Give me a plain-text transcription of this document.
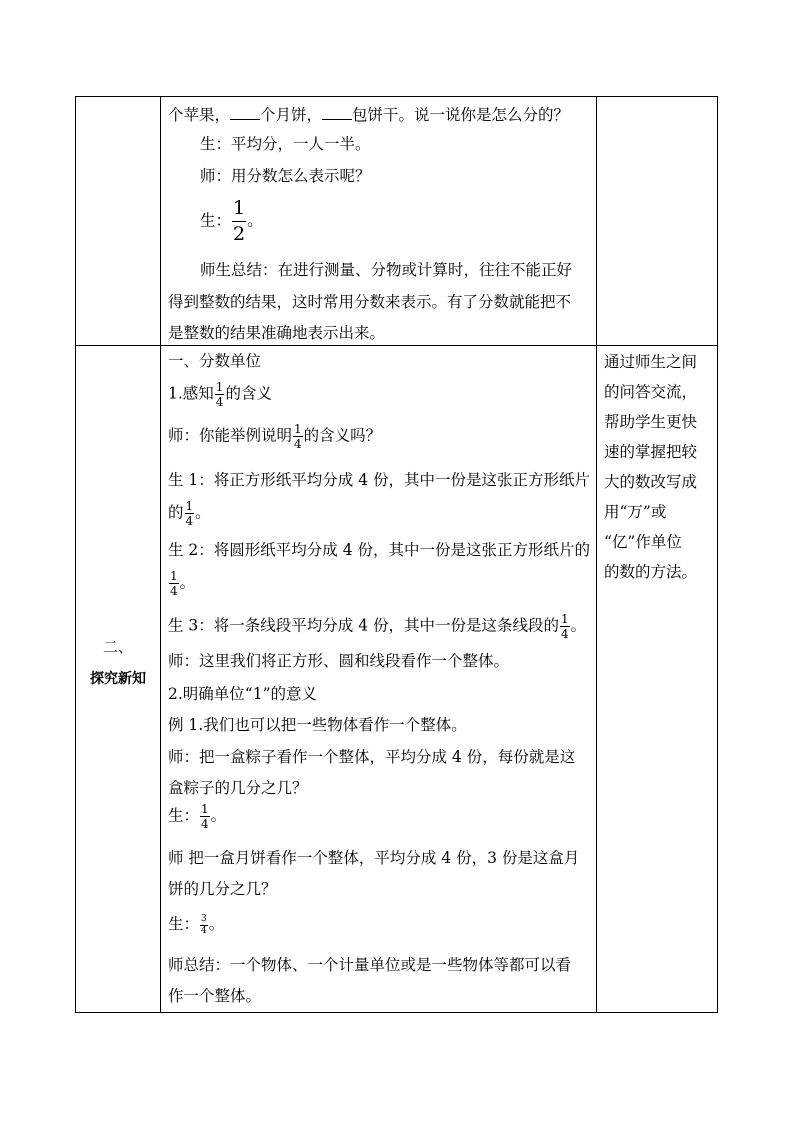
个苹果， 个月饼， 包饼干。说一说你是怎么分的？
生：平均分，一人一半。
师：用分数怎么表示呢？
生： $\frac{1}{2}$ 。
师生总结：在进行测量、分物或计算时，往往不能正好
得到整数的结果，这时常用分数来表示。有了分数就能把不
是整数的结果准确地表示出来。
二、
探究新知
一、分数单位
1.感知 $\frac{1}{4}$ 的含义
师：你能举例说明 $\frac{1}{4}$ 的含义吗？
生 1：将正方形纸平均分成 4 份，其中一份是这张正方形纸片
的 $\frac{1}{4}$ 。
生 2：将圆形纸平均分成 4 份，其中一份是这张正方形纸片的
$\frac{1}{4}$ 。
生 3：将一条线段平均分成 4 份，其中一份是这条线段的 $\frac{1}{4}$ 。
师：这里我们将正方形、圆和线段看作一个整体。
2.明确单位“1”的意义
例 1.我们也可以把一些物体看作一个整体。
师：把一盒粽子看作一个整体，平均分成 4 份，每份就是这
盒粽子的几分之几？
生： $\frac{1}{4}$ 。
师 把一盒月饼看作一个整体，平均分成 4 份，3 份是这盒月
饼的几分之几？
生： $\frac{3}{4}$ 。
师总结：一个物体、一个计量单位或是一些物体等都可以看
作一个整体。
通过师生之间
的问答交流，
帮助学生更快
速的掌握把较
大的数改写成
用“万”或
“亿”作单位
的数的方法。
